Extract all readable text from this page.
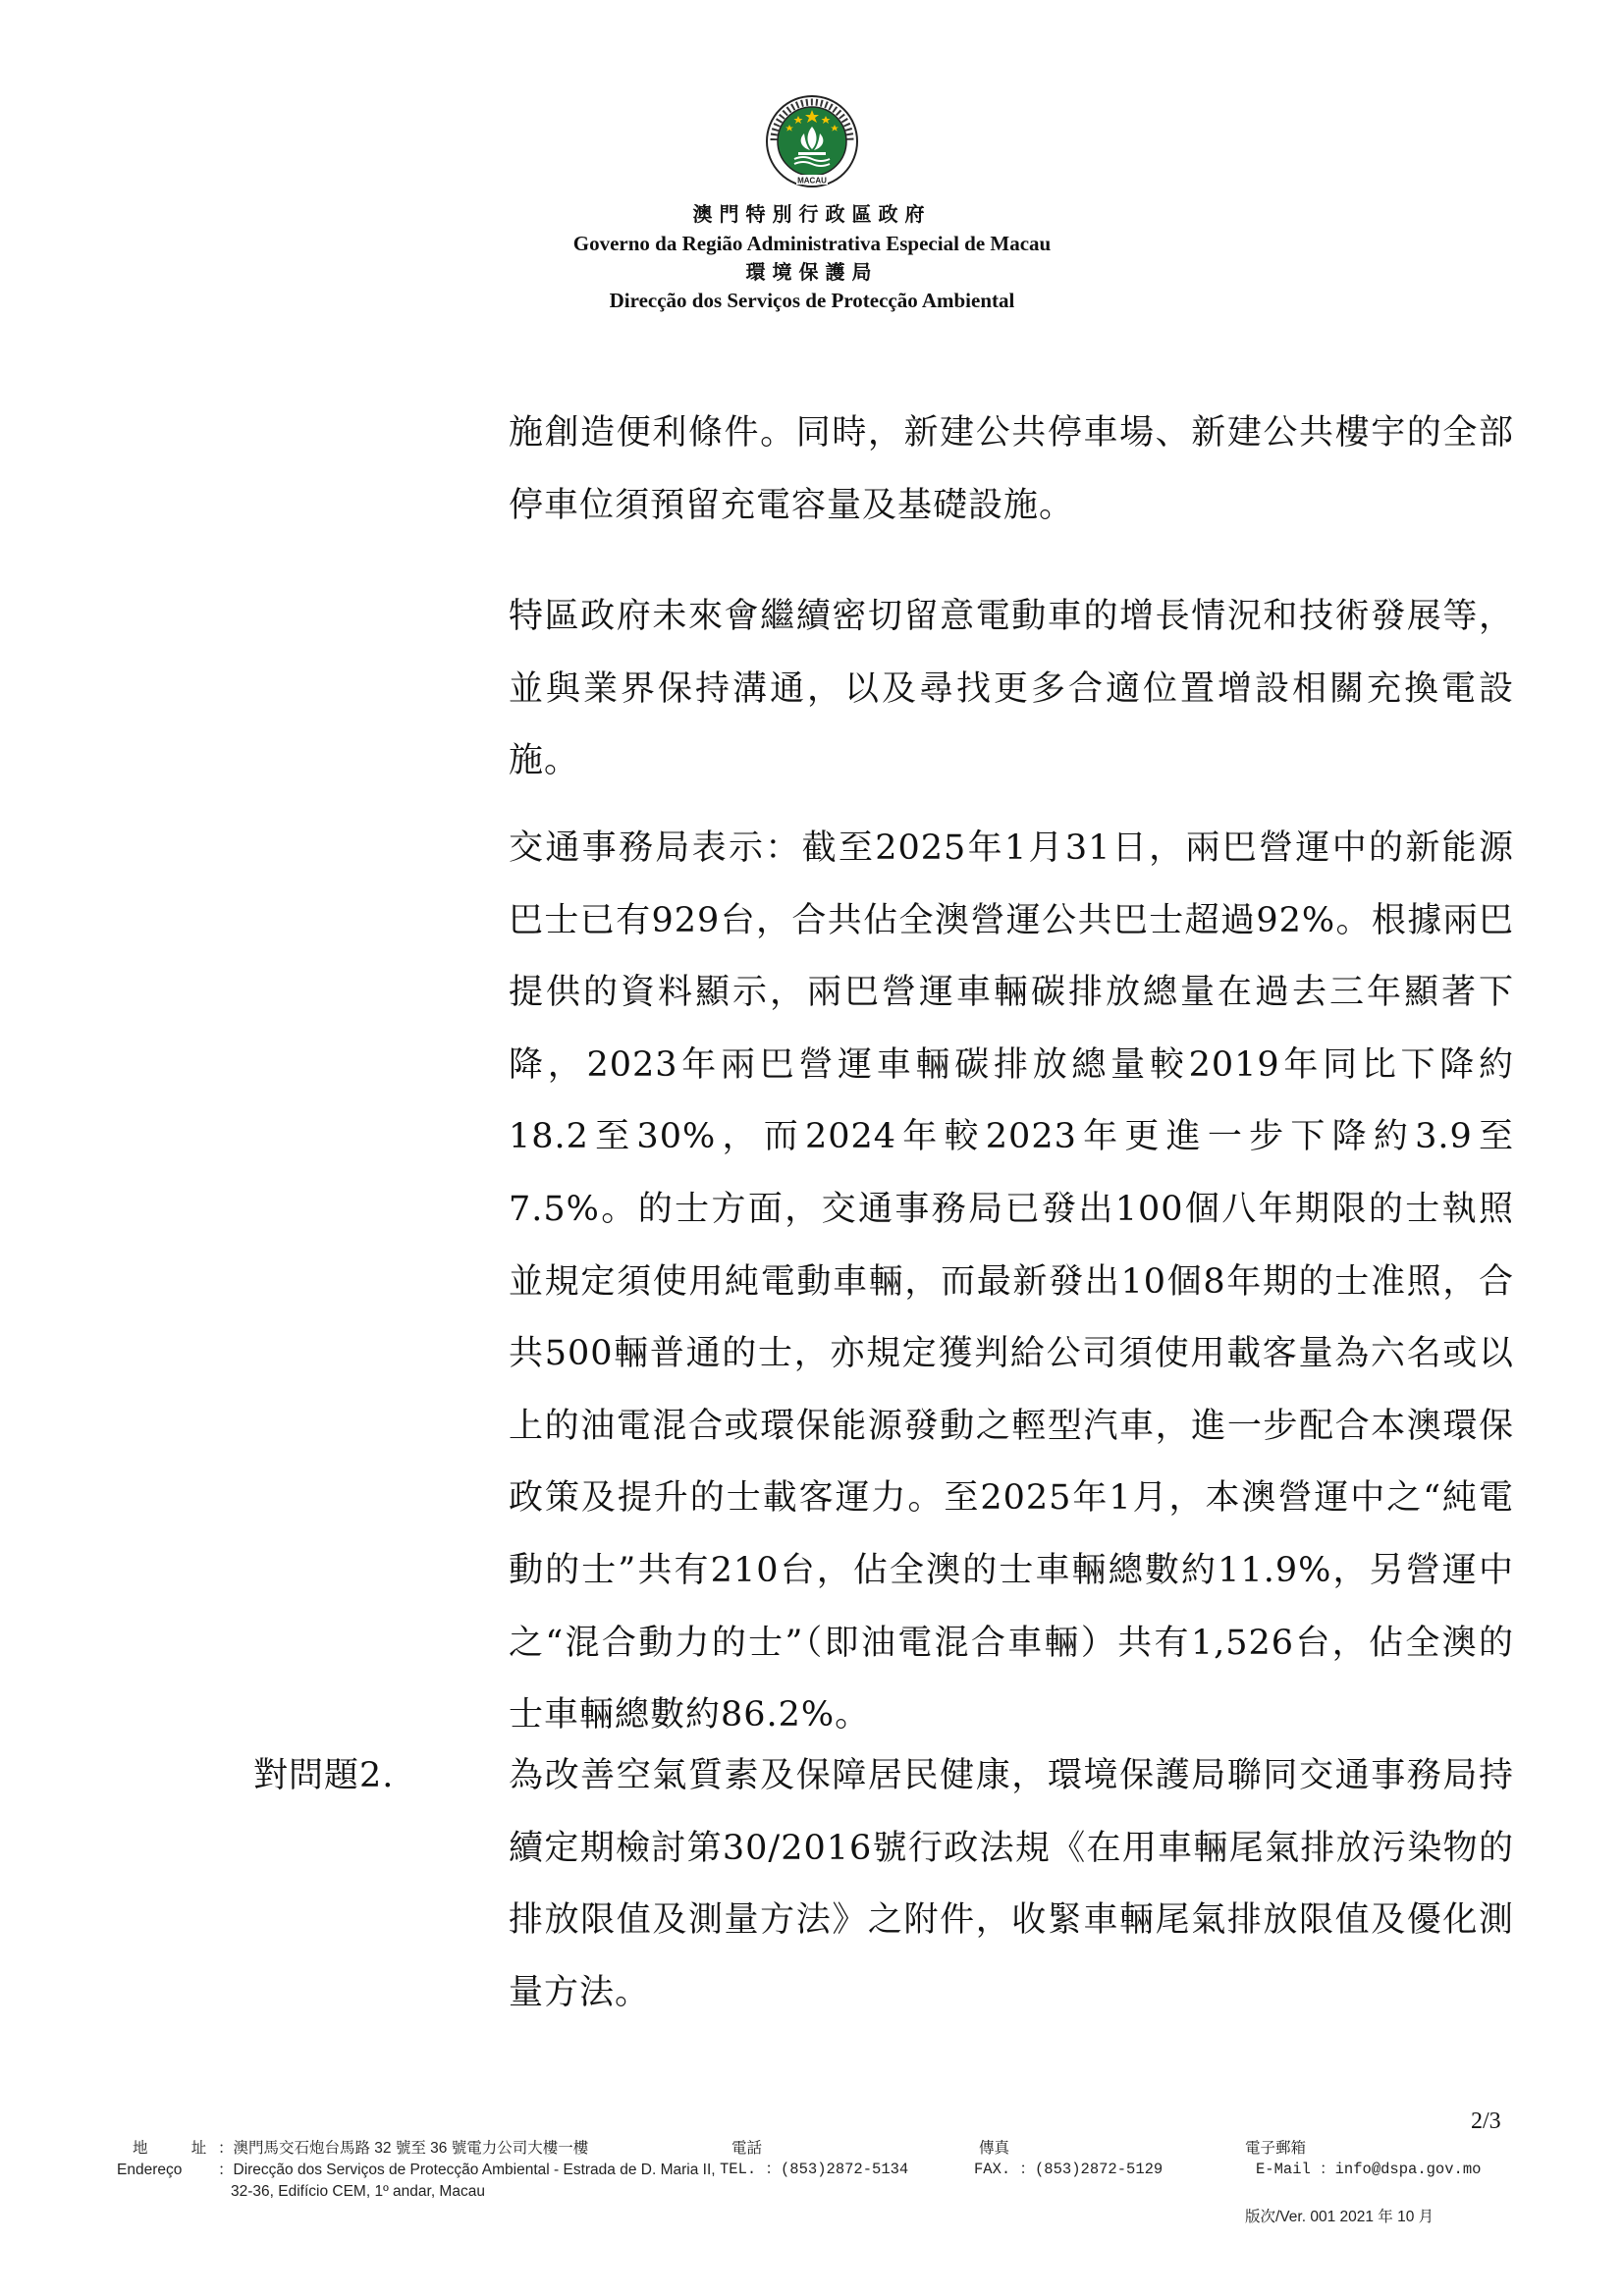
MACAU
澳門特別行政區政府
Governo da Região Administrativa Especial de Macau
環境保護局
Direcção dos Serviços de Protecção Ambiental

施創造便利條件。同時，新建公共停車場、新建公共樓宇的全部停車位須預留充電容量及基礎設施。

特區政府未來會繼續密切留意電動車的增長情況和技術發展等，並與業界保持溝通，以及尋找更多合適位置增設相關充換電設施。

交通事務局表示：截至2025年1月31日，兩巴營運中的新能源巴士已有929台，合共佔全澳營運公共巴士超過92%。根據兩巴提供的資料顯示，兩巴營運車輛碳排放總量在過去三年顯著下降，2023年兩巴營運車輛碳排放總量較2019年同比下降約18.2至30%，而2024年較2023年更進一步下降約3.9至7.5%。的士方面，交通事務局已發出100個八年期限的士執照並規定須使用純電動車輛，而最新發出10個8年期的士准照，合共500輛普通的士，亦規定獲判給公司須使用載客量為六名或以上的油電混合或環保能源發動之輕型汽車，進一步配合本澳環保政策及提升的士載客運力。至2025年1月，本澳營運中之“純電動的士”共有210台，佔全澳的士車輛總數約11.9%，另營運中之“混合動力的士”（即油電混合車輛）共有1,526台，佔全澳的士車輛總數約86.2%。

對問題2.	為改善空氣質素及保障居民健康，環境保護局聯同交通事務局持續定期檢討第30/2016號行政法規《在用車輛尾氣排放污染物的排放限值及測量方法》之附件，收緊車輛尾氣排放限值及優化測量方法。

2/3
地 址
Endereço
：澳門馬交石炮台馬路 32 號至 36 號電力公司大樓一樓
：Direcção dos Serviços de Protecção Ambiental - Estrada de D. Maria II,
32-36, Edifício CEM, 1º andar, Macau
電話
TEL. ：(853)2872-5134
傳真
FAX. ：(853)2872-5129
電子郵箱
E-Mail ：info@dspa.gov.mo
版次/Ver. 001 2021 年 10 月
